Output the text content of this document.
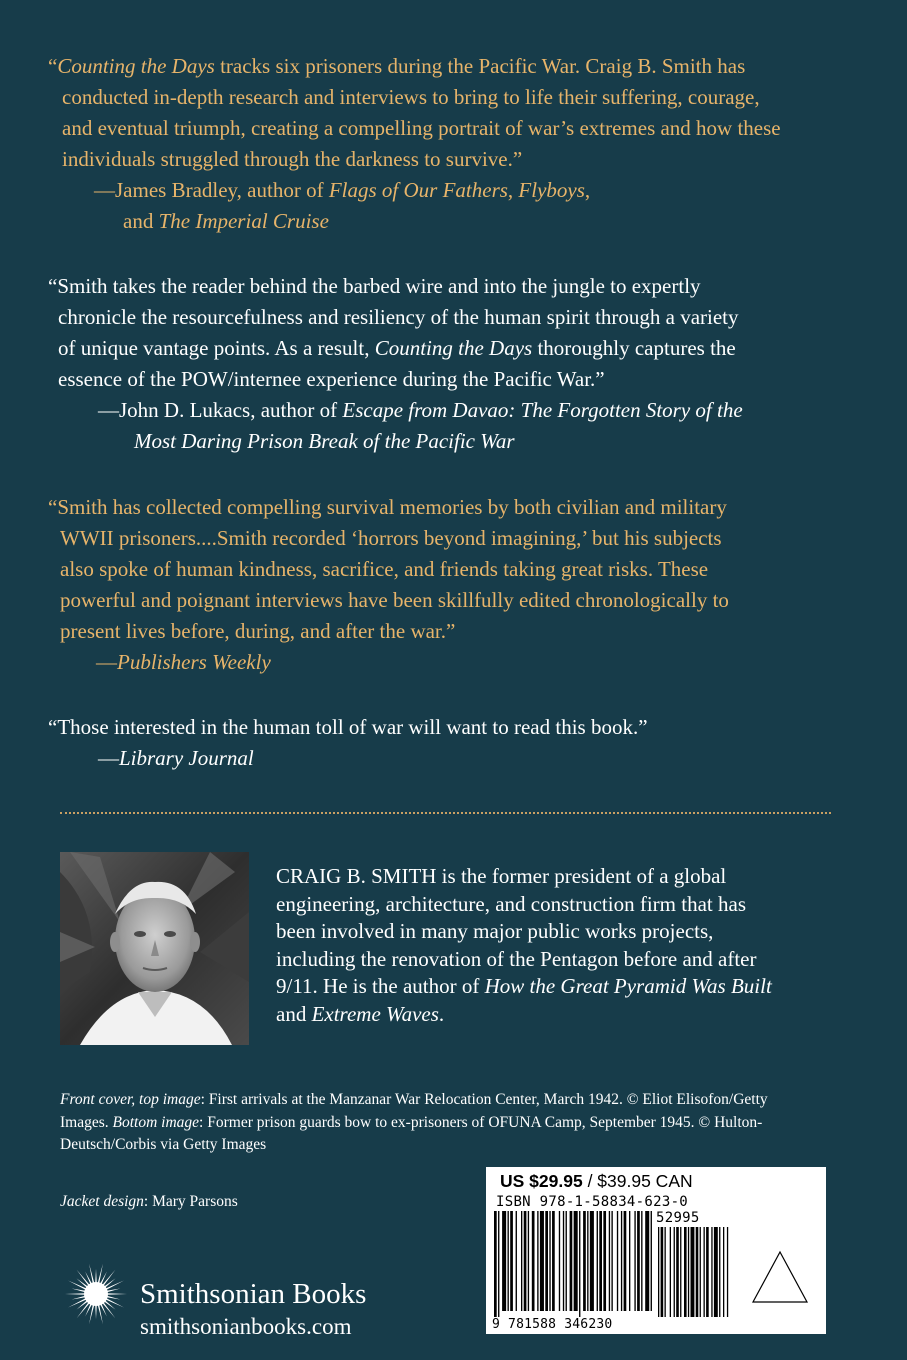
“Counting the Days tracks six prisoners during the Pacific War. Craig B. Smith has
conducted in-depth research and interviews to bring to life their suffering, courage,
and eventual triumph, creating a compelling portrait of war’s extremes and how these
individuals struggled through the darkness to survive.”
—James Bradley, author of Flags of Our Fathers, Flyboys,
and The Imperial Cruise
“Smith takes the reader behind the barbed wire and into the jungle to expertly
chronicle the resourcefulness and resiliency of the human spirit through a variety
of unique vantage points. As a result, Counting the Days thoroughly captures the
essence of the POW/internee experience during the Pacific War.”
—John D. Lukacs, author of Escape from Davao: The Forgotten Story of the
Most Daring Prison Break of the Pacific War
“Smith has collected compelling survival memories by both civilian and military
WWII prisoners....Smith recorded ‘horrors beyond imagining,’ but his subjects
also spoke of human kindness, sacrifice, and friends taking great risks. These
powerful and poignant interviews have been skillfully edited chronologically to
present lives before, during, and after the war.”
—Publishers Weekly
“Those interested in the human toll of war will want to read this book.”
—Library Journal
CRAIG B. SMITH is the former president of a global
engineering, architecture, and construction firm that has
been involved in many major public works projects,
including the renovation of the Pentagon before and after
9/11. He is the author of How the Great Pyramid Was Built
and Extreme Waves.
Front cover, top image: First arrivals at the Manzanar War Relocation Center, March 1942. © Eliot Elisofon/Getty
Images. Bottom image: Former prison guards bow to ex-prisoners of OFUNA Camp, September 1945. © Hulton-
Deutsch/Corbis via Getty Images
Jacket design: Mary Parsons
Smithsonian Books
smithsonianbooks.com
US $29.95 / $39.95 CAN
ISBN 978-1-58834-623-0
52995
9 781588 346230
